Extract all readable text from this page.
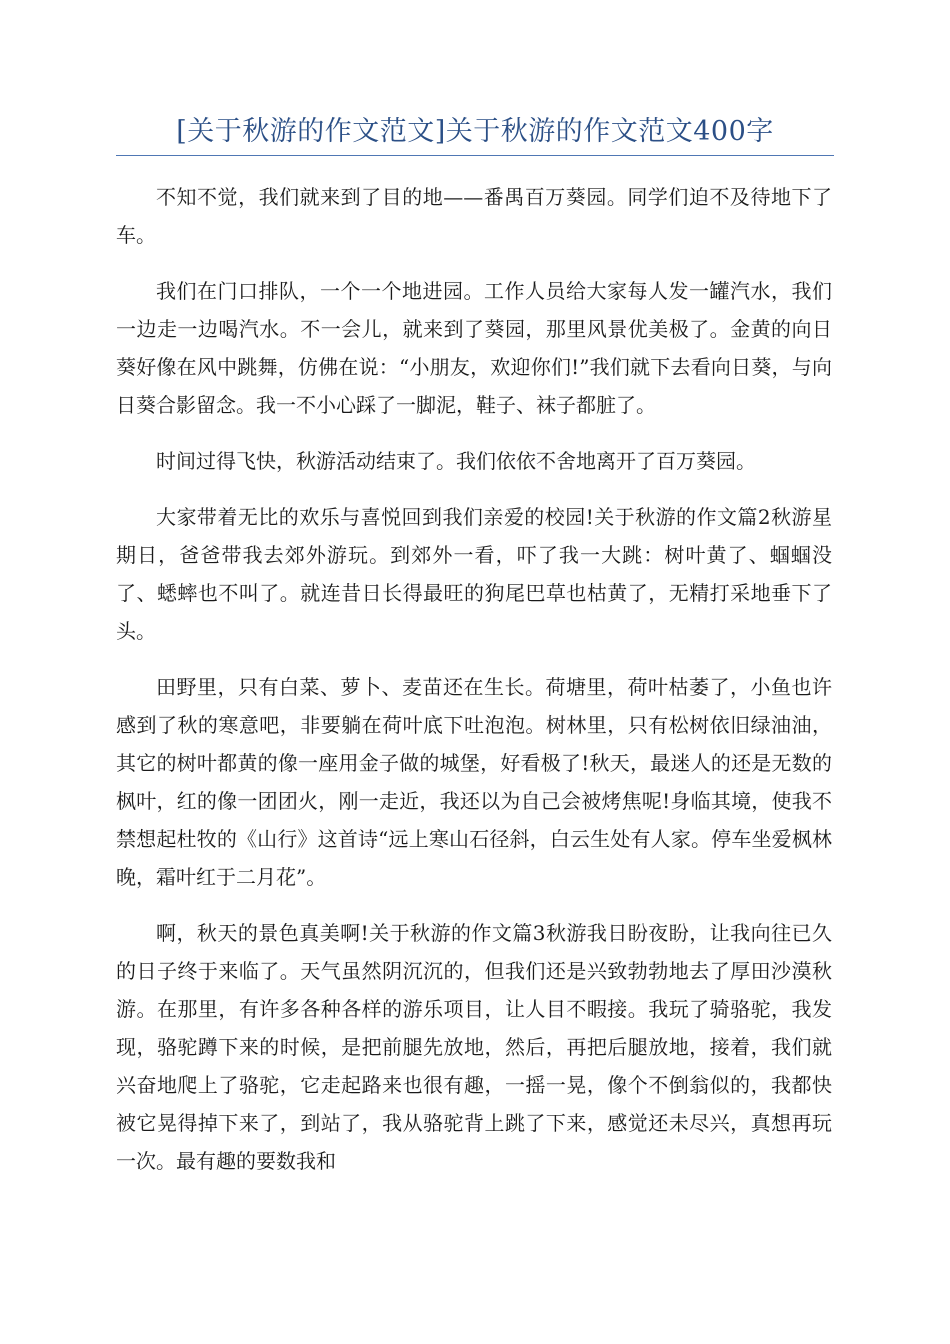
[关于秋游的作文范文]关于秋游的作文范文400字

不知不觉，我们就来到了目的地——番禺百万葵园。同学们迫不及待地下了车。

我们在门口排队，一个一个地进园。工作人员给大家每人发一罐汽水，我们一边走一边喝汽水。不一会儿，就来到了葵园，那里风景优美极了。金黄的向日葵好像在风中跳舞，仿佛在说：“小朋友，欢迎你们!”我们就下去看向日葵，与向日葵合影留念。我一不小心踩了一脚泥，鞋子、袜子都脏了。

时间过得飞快，秋游活动结束了。我们依依不舍地离开了百万葵园。

大家带着无比的欢乐与喜悦回到我们亲爱的校园!关于秋游的作文篇2秋游星期日，爸爸带我去郊外游玩。到郊外一看，吓了我一大跳：树叶黄了、蝈蝈没了、蟋蟀也不叫了。就连昔日长得最旺的狗尾巴草也枯黄了，无精打采地垂下了头。

田野里，只有白菜、萝卜、麦苗还在生长。荷塘里，荷叶枯萎了，小鱼也许感到了秋的寒意吧，非要躺在荷叶底下吐泡泡。树林里，只有松树依旧绿油油，其它的树叶都黄的像一座用金子做的城堡，好看极了!秋天，最迷人的还是无数的枫叶，红的像一团团火，刚一走近，我还以为自己会被烤焦呢!身临其境，使我不禁想起杜牧的《山行》这首诗“远上寒山石径斜，白云生处有人家。停车坐爱枫林晚，霜叶红于二月花”。

啊，秋天的景色真美啊!关于秋游的作文篇3秋游我日盼夜盼，让我向往已久的日子终于来临了。天气虽然阴沉沉的，但我们还是兴致勃勃地去了厚田沙漠秋游。在那里，有许多各种各样的游乐项目，让人目不暇接。我玩了骑骆驼，我发现，骆驼蹲下来的时候，是把前腿先放地，然后，再把后腿放地，接着，我们就兴奋地爬上了骆驼，它走起路来也很有趣，一摇一晃，像个不倒翁似的，我都快被它晃得掉下来了，到站了，我从骆驼背上跳了下来，感觉还未尽兴，真想再玩一次。最有趣的要数我和
